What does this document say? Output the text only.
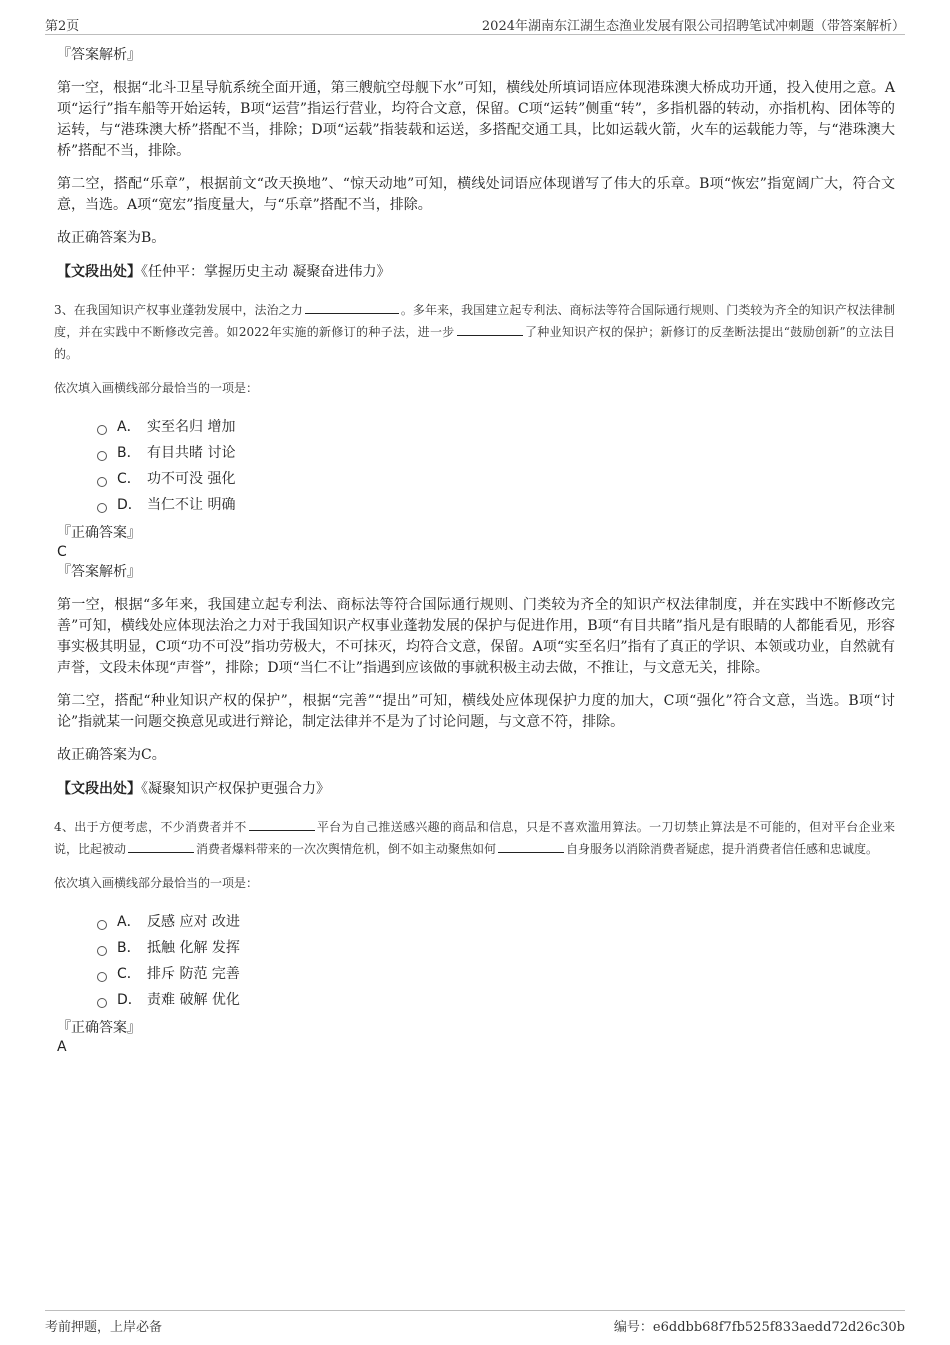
第2页	2024年湖南东江湖生态渔业发展有限公司招聘笔试冲刺题（带答案解析）
『答案解析』

第一空，根据“北斗卫星导航系统全面开通，第三艘航空母舰下水”可知，横线处所填词语应体现港珠澳大桥成功开通，投入使用之意。A项“运行”指车船等开始运转，B项“运营”指运行营业，均符合文意，保留。C项“运转”侧重“转”，多指机器的转动，亦指机构、团体等的运转，与“港珠澳大桥”搭配不当，排除；D项“运载”指装载和运送，多搭配交通工具，比如运载火箭，火车的运载能力等，与“港珠澳大桥”搭配不当，排除。

第二空，搭配“乐章”，根据前文“改天换地”、“惊天动地”可知，横线处词语应体现谱写了伟大的乐章。B项“恢宏”指宽阔广大，符合文意，当选。A项“宽宏”指度量大，与“乐章”搭配不当，排除。

故正确答案为B。

【文段出处】《任仲平：掌握历史主动 凝聚奋进伟力》

3、在我国知识产权事业蓬勃发展中，法治之力	。多年来，我国建立起专利法、商标法等符合国际通行规则、门类较为齐全的知识产权法律制度，并在实践中不断修改完善。如2022年实施的新修订的种子法，进一步	了种业知识产权的保护；新修订的反垄断法提出“鼓励创新”的立法目的。

依次填入画横线部分最恰当的一项是：
A． 实至名归 增加
B． 有目共睹 讨论
C． 功不可没 强化
D． 当仁不让 明确
『正确答案』
C
『答案解析』

第一空，根据“多年来，我国建立起专利法、商标法等符合国际通行规则、门类较为齐全的知识产权法律制度，并在实践中不断修改完善”可知，横线处应体现法治之力对于我国知识产权事业蓬勃发展的保护与促进作用，B项“有目共睹”指凡是有眼睛的人都能看见，形容事实极其明显，C项“功不可没”指功劳极大，不可抹灭，均符合文意，保留。A项“实至名归”指有了真正的学识、本领或功业，自然就有声誉，文段未体现“声誉”，排除；D项“当仁不让”指遇到应该做的事就积极主动去做，不推让，与文意无关，排除。

第二空，搭配“种业知识产权的保护”，根据“完善”“提出”可知，横线处应体现保护力度的加大，C项“强化”符合文意，当选。B项“讨论”指就某一问题交换意见或进行辩论，制定法律并不是为了讨论问题，与文意不符，排除。

故正确答案为C。

【文段出处】《凝聚知识产权保护更强合力》

4、出于方便考虑，不少消费者并不	平台为自己推送感兴趣的商品和信息，只是不喜欢滥用算法。一刀切禁止算法是不可能的，但对平台企业来说，比起被动	消费者爆料带来的一次次舆情危机，倒不如主动聚焦如何	自身服务以消除消费者疑虑，提升消费者信任感和忠诚度。

依次填入画横线部分最恰当的一项是：
A． 反感 应对 改进
B． 抵触 化解 发挥
C． 排斥 防范 完善
D． 责难 破解 优化
『正确答案』
A
考前押题，上岸必备	编号：e6ddbb68f7fb525f833aedd72d26c30b
